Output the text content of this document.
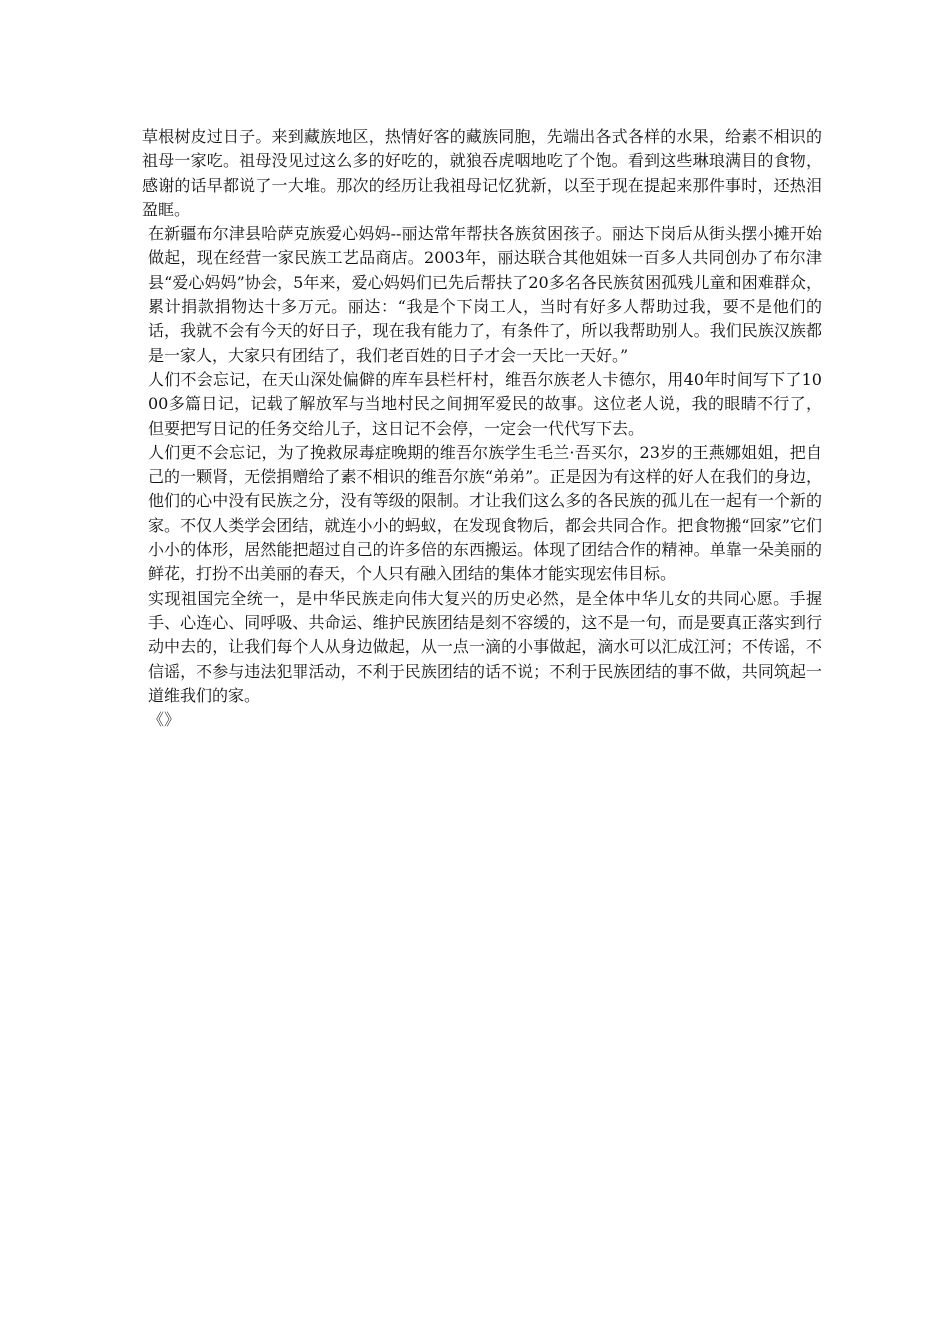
草根树皮过日子。来到藏族地区，热情好客的藏族同胞，先端出各式各样的水果，给素不相识的祖母一家吃。祖母没见过这么多的好吃的，就狼吞虎咽地吃了个饱。看到这些琳琅满目的食物，感谢的话早都说了一大堆。那次的经历让我祖母记忆犹新，以至于现在提起来那件事时，还热泪盈眶。

在新疆布尔津县哈萨克族爱心妈妈--丽达常年帮扶各族贫困孩子。丽达下岗后从街头摆小摊开始做起，现在经营一家民族工艺品商店。2003年，丽达联合其他姐妹一百多人共同创办了布尔津县“爱心妈妈”协会，5年来，爱心妈妈们已先后帮扶了20多名各民族贫困孤残儿童和困难群众，累计捐款捐物达十多万元。丽达：“我是个下岗工人，当时有好多人帮助过我，要不是他们的话，我就不会有今天的好日子，现在我有能力了，有条件了，所以我帮助别人。我们民族汉族都是一家人，大家只有团结了，我们老百姓的日子才会一天比一天好。”

人们不会忘记，在天山深处偏僻的库车县栏杆村，维吾尔族老人卡德尔，用40年时间写下了1000多篇日记，记载了解放军与当地村民之间拥军爱民的故事。这位老人说，我的眼睛不行了，但要把写日记的任务交给儿子，这日记不会停，一定会一代代写下去。

人们更不会忘记，为了挽救尿毒症晚期的维吾尔族学生毛兰·吾买尔，23岁的王燕娜姐姐，把自己的一颗肾，无偿捐赠给了素不相识的维吾尔族“弟弟”。正是因为有这样的好人在我们的身边，他们的心中没有民族之分，没有等级的限制。才让我们这么多的各民族的孤儿在一起有一个新的家。不仅人类学会团结，就连小小的蚂蚁，在发现食物后，都会共同合作。把食物搬“回家”它们小小的体形，居然能把超过自己的许多倍的东西搬运。体现了团结合作的精神。单靠一朵美丽的鲜花，打扮不出美丽的春天，个人只有融入团结的集体才能实现宏伟目标。

实现祖国完全统一，是中华民族走向伟大复兴的历史必然，是全体中华儿女的共同心愿。手握手、心连心、同呼吸、共命运、维护民族团结是刻不容缓的，这不是一句，而是要真正落实到行动中去的，让我们每个人从身边做起，从一点一滴的小事做起，滴水可以汇成江河；不传谣，不信谣，不参与违法犯罪活动，不利于民族团结的话不说；不利于民族团结的事不做，共同筑起一道维我们的家。

《》
